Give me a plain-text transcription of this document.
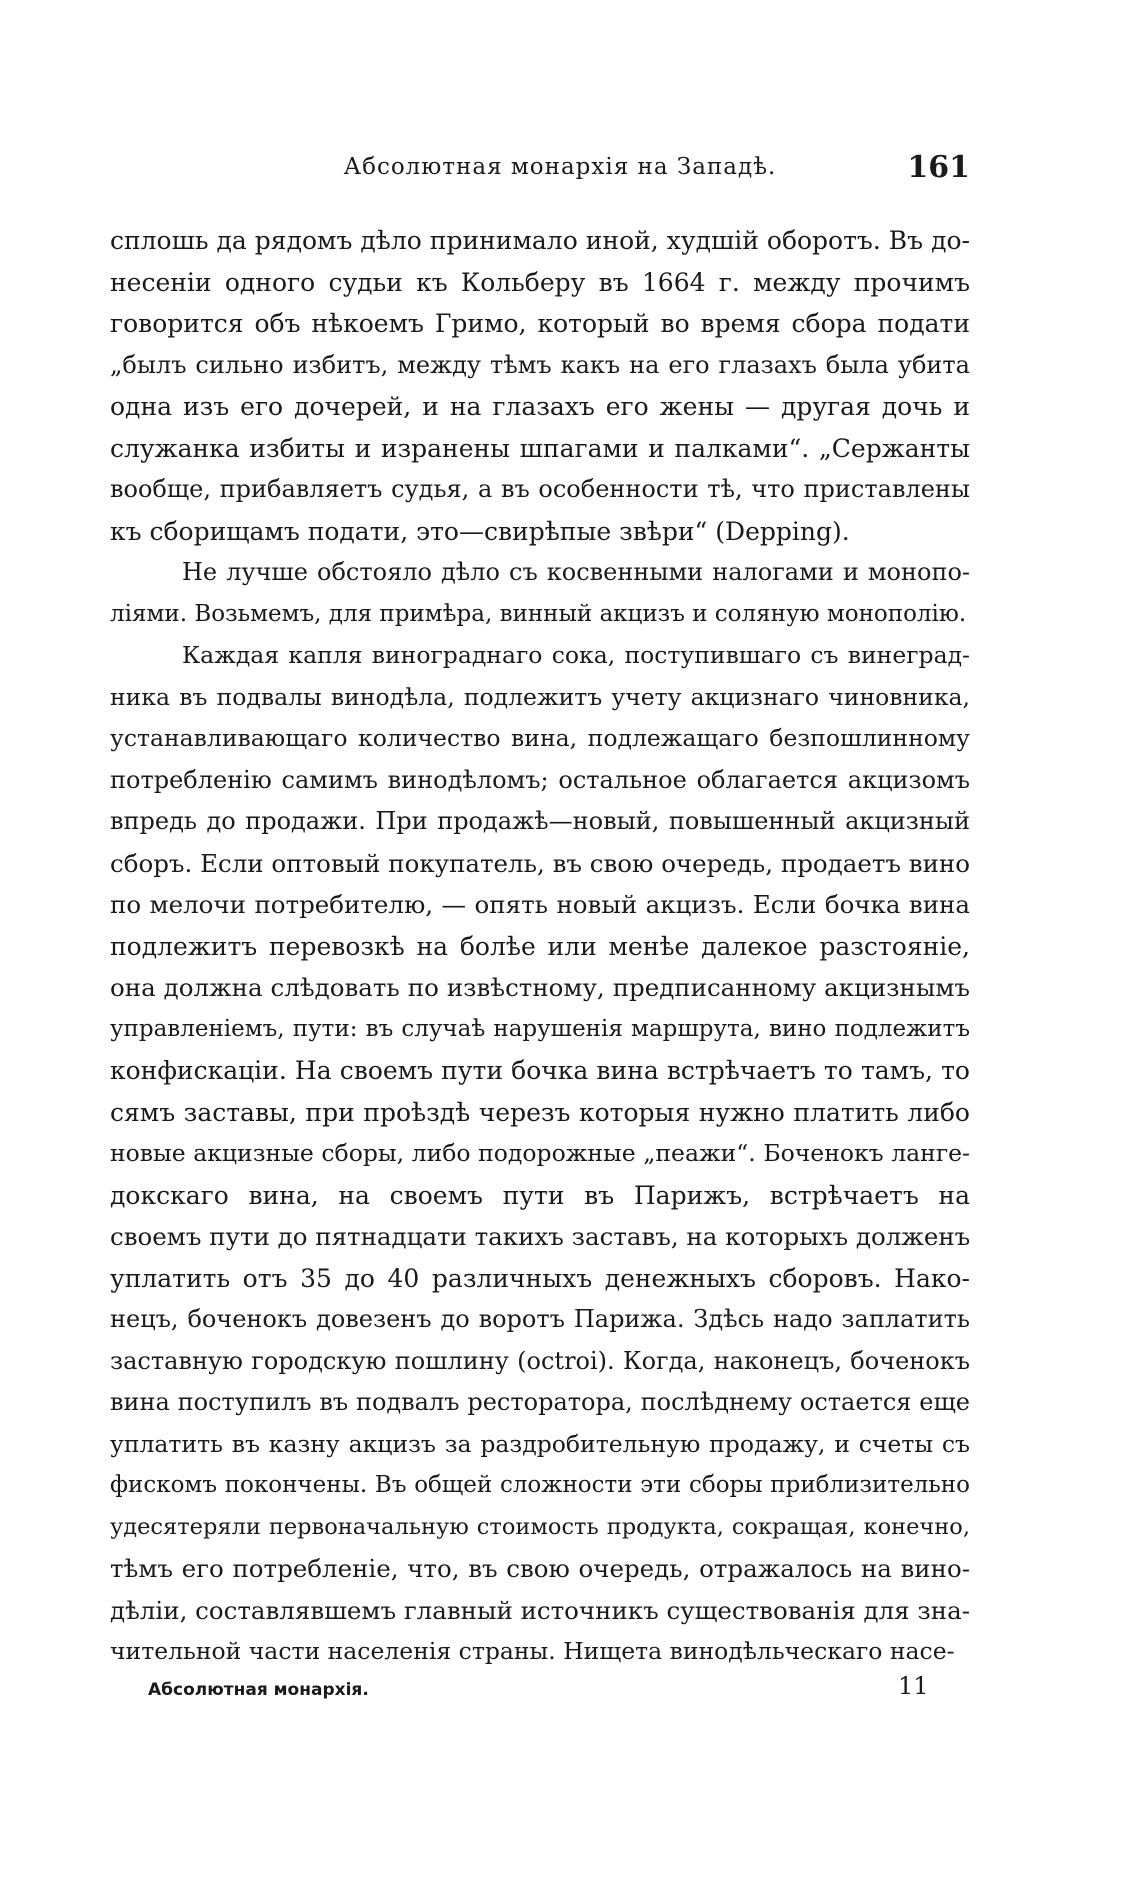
Абсолютная монархія на Западѣ.	161
сплошь да рядомъ дѣло принимало иной, худшій оборотъ. Въ до-
несеніи одного судьи къ Кольберу въ 1664 г. между прочимъ
говорится объ нѣкоемъ Гримо, который во время сбора подати
„былъ сильно избитъ, между тѣмъ какъ на его глазахъ была убита
одна изъ его дочерей, и на глазахъ его жены — другая дочь и
служанка избиты и изранены шпагами и палками“. „Сержанты
вообще, прибавляетъ судья, а въ особенности тѣ, что приставлены
къ сборищамъ подати, это—свирѣпые звѣри“ (Depping).
Не лучше обстояло дѣло съ косвенными налогами и монопо-
ліями. Возьмемъ, для примѣра, винный акцизъ и соляную монополію.
Каждая капля винограднаго сока, поступившаго съ винеград-
ника въ подвалы винодѣла, подлежитъ учету акцизнаго чиновника,
устанавливающаго количество вина, подлежащаго безпошлинному
потребленію самимъ винодѣломъ; остальное облагается акцизомъ
впредь до продажи. При продажѣ—новый, повышенный акцизный
сборъ. Если оптовый покупатель, въ свою очередь, продаетъ вино
по мелочи потребителю, — опять новый акцизъ. Если бочка вина
подлежитъ перевозкѣ на болѣе или менѣе далекое разстояніе,
она должна слѣдовать по извѣстному, предписанному акцизнымъ
управленіемъ, пути: въ случаѣ нарушенія маршрута, вино подлежитъ
конфискаціи. На своемъ пути бочка вина встрѣчаетъ то тамъ, то
сямъ заставы, при проѣздѣ черезъ которыя нужно платить либо
новые акцизные сборы, либо подорожные „пеажи“. Боченокъ ланге-
докскаго вина, на своемъ пути въ Парижъ, встрѣчаетъ на
своемъ пути до пятнадцати такихъ заставъ, на которыхъ долженъ
уплатить отъ 35 до 40 различныхъ денежныхъ сборовъ. Нако-
нецъ, боченокъ довезенъ до воротъ Парижа. Здѣсь надо заплатить
заставную городскую пошлину (octroi). Когда, наконецъ, боченокъ
вина поступилъ въ подвалъ ресторатора, послѣднему остается еще
уплатить въ казну акцизъ за раздробительную продажу, и счеты съ
фискомъ покончены. Въ общей сложности эти сборы приблизительно
удесятеряли первоначальную стоимость продукта, сокращая, конечно,
тѣмъ его потребленіе, что, въ свою очередь, отражалось на вино-
дѣліи, составлявшемъ главный источникъ существованія для зна-
чительной части населенія страны. Нищета винодѣльческаго насе-
Абсолютная монархія.	11
